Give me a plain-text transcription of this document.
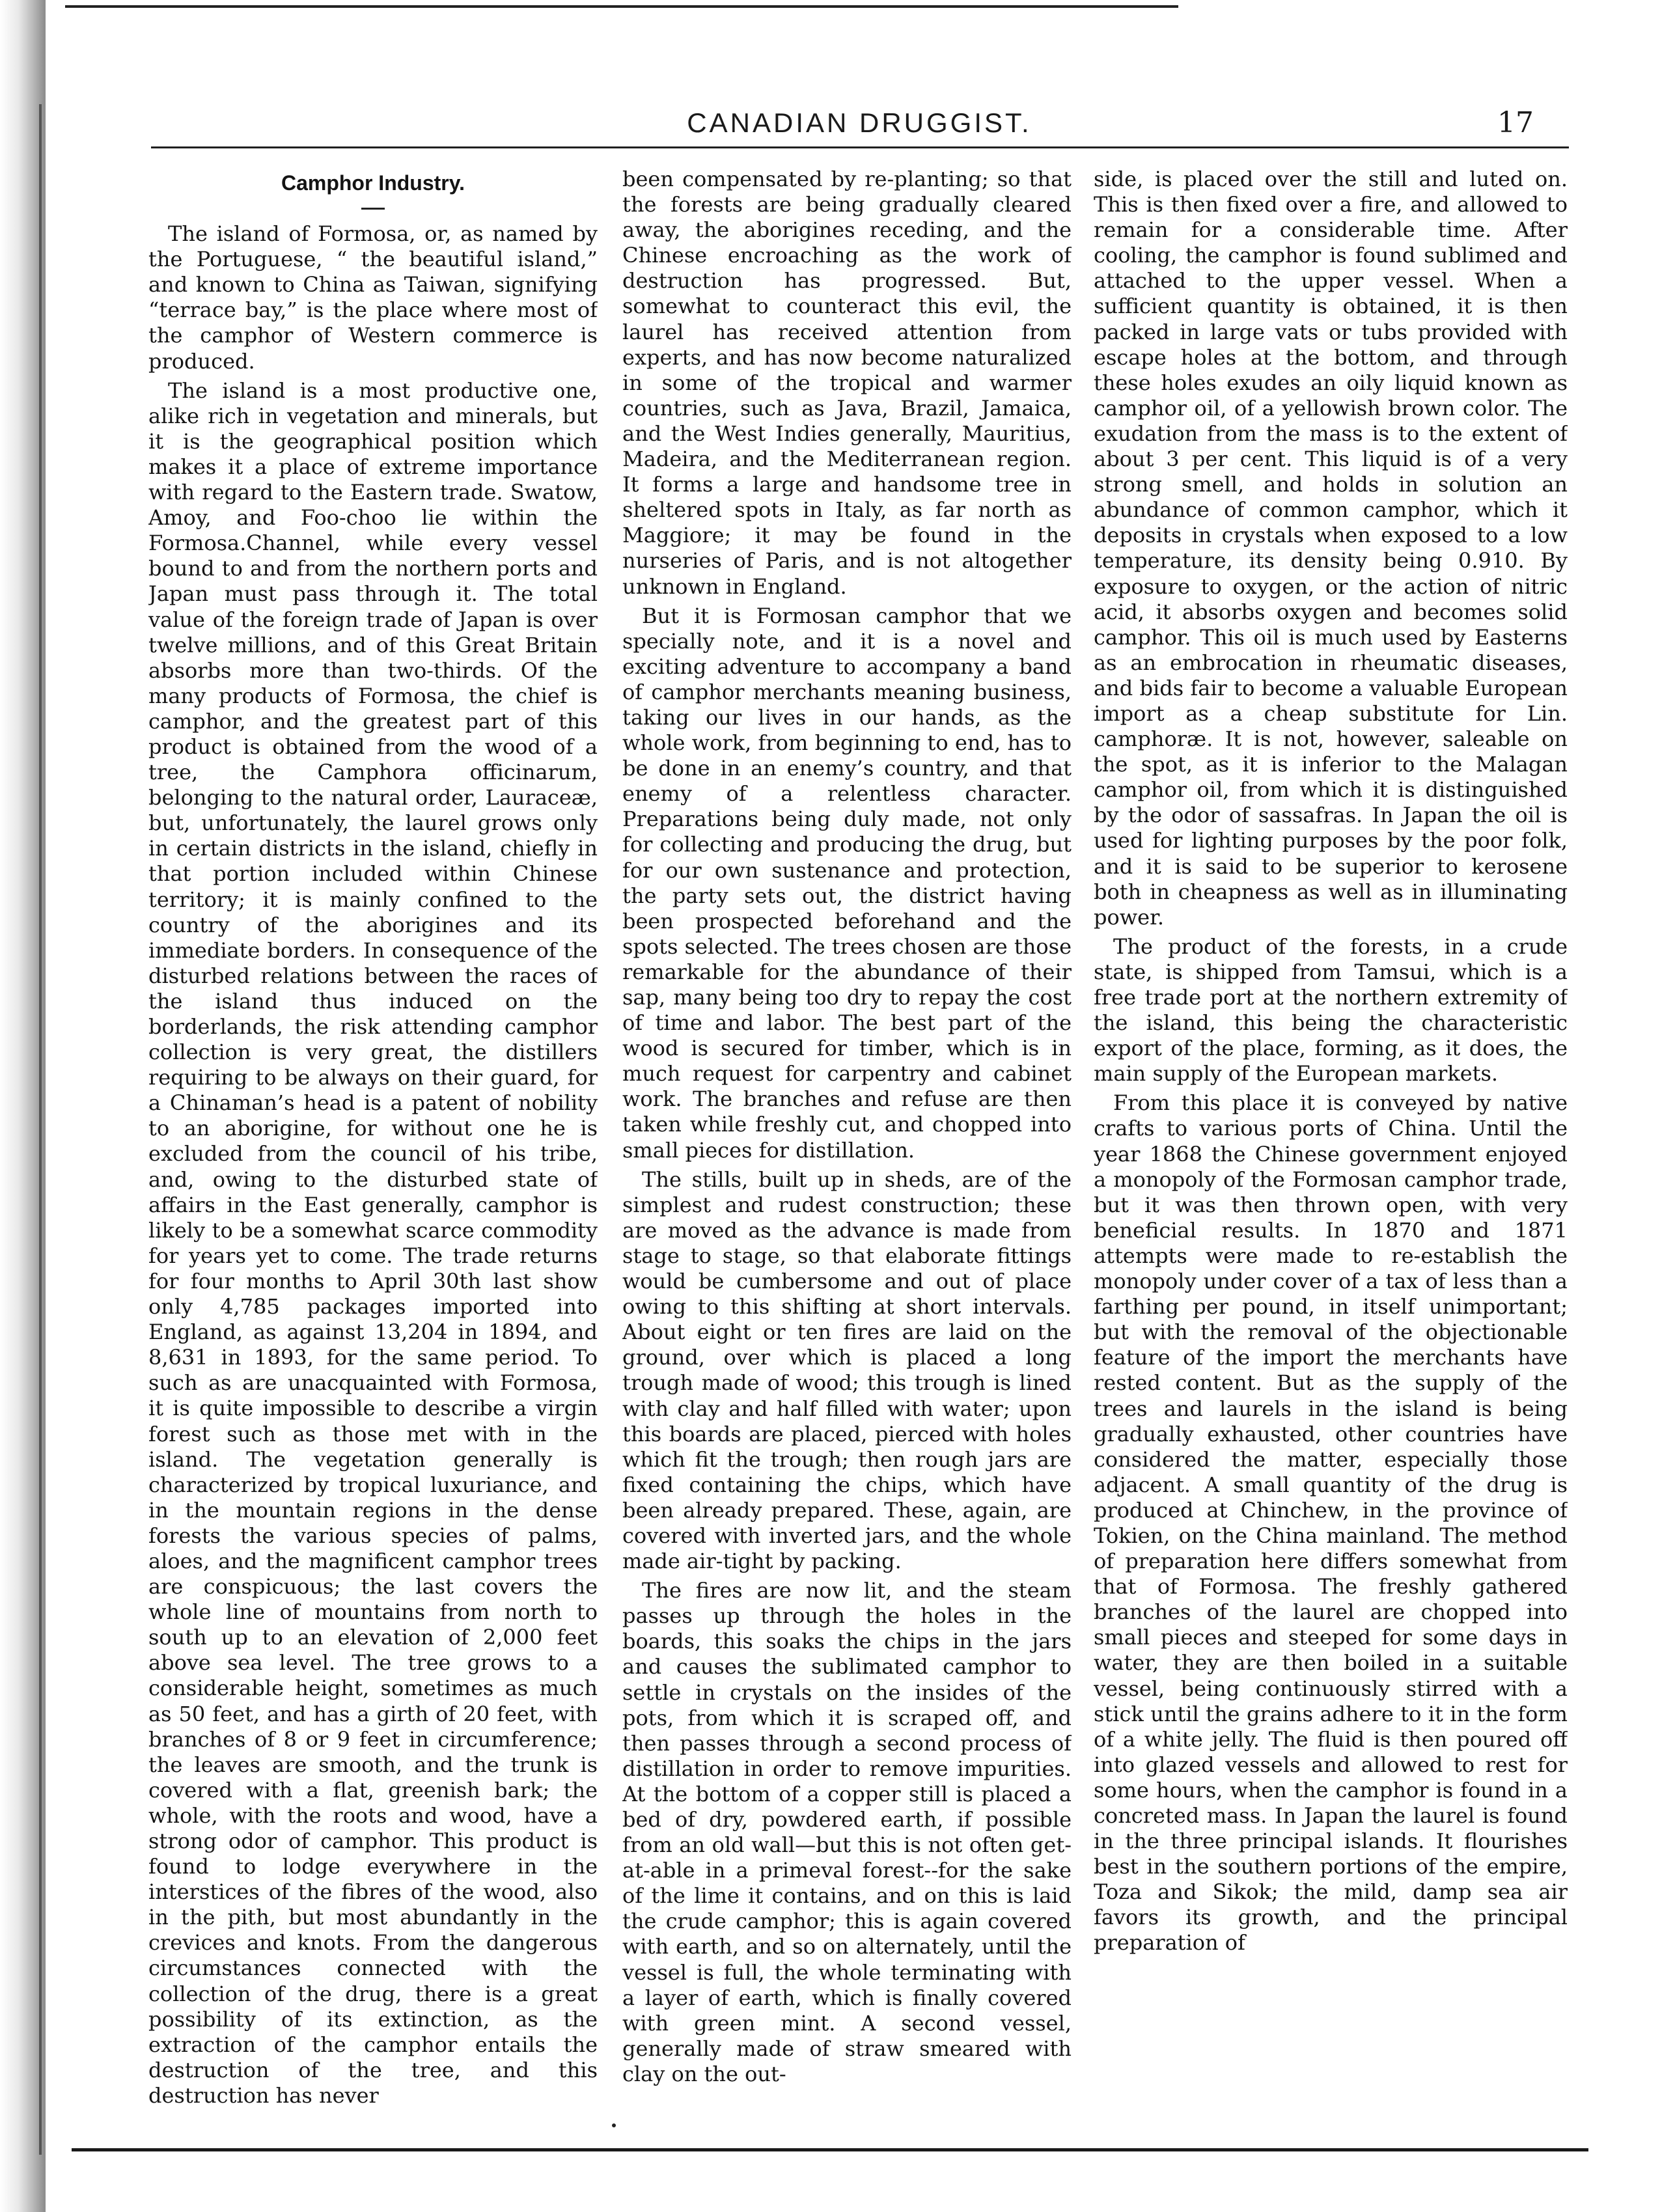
CANADIAN DRUGGIST.	17
Camphor Industry.

The island of Formosa, or, as named by the Portuguese, “ the beautiful island,” and known to China as Taiwan, signifying “terrace bay,” is the place where most of the camphor of Western commerce is produced.

The island is a most productive one, alike rich in vegetation and minerals, but it is the geographical position which makes it a place of extreme importance with regard to the Eastern trade. Swatow, Amoy, and Foo-choo lie within the Formosa.Channel, while every vessel bound to and from the northern ports and Japan must pass through it. The total value of the foreign trade of Japan is over twelve millions, and of this Great Britain absorbs more than two-thirds. Of the many products of Formosa, the chief is camphor, and the greatest part of this product is obtained from the wood of a tree, the Camphora officinarum, belonging to the natural order, Lauraceæ, but, unfortunately, the laurel grows only in certain districts in the island, chiefly in that portion included within Chinese territory; it is mainly confined to the country of the aborigines and its immediate borders. In consequence of the disturbed relations between the races of the island thus induced on the borderlands, the risk attending camphor collection is very great, the distillers requiring to be always on their guard, for a Chinaman’s head is a patent of nobility to an aborigine, for without one he is excluded from the council of his tribe, and, owing to the disturbed state of affairs in the East generally, camphor is likely to be a somewhat scarce commodity for years yet to come. The trade returns for four months to April 30th last show only 4,785 packages imported into England, as against 13,204 in 1894, and 8,631 in 1893, for the same period. To such as are unacquainted with Formosa, it is quite impossible to describe a virgin forest such as those met with in the island. The vegetation generally is characterized by tropical luxuriance, and in the mountain regions in the dense forests the various species of palms, aloes, and the magnificent camphor trees are conspicuous; the last covers the whole line of mountains from north to south up to an elevation of 2,000 feet above sea level. The tree grows to a considerable height, sometimes as much as 50 feet, and has a girth of 20 feet, with branches of 8 or 9 feet in circumference; the leaves are smooth, and the trunk is covered with a flat, greenish bark; the whole, with the roots and wood, have a strong odor of camphor. This product is found to lodge everywhere in the interstices of the fibres of the wood, also in the pith, but most abundantly in the crevices and knots. From the dangerous circumstances connected with the collection of the drug, there is a great possibility of its extinction, as the extraction of the camphor entails the destruction of the tree, and this destruction has never

been compensated by re-planting; so that the forests are being gradually cleared away, the aborigines receding, and the Chinese encroaching as the work of destruction has progressed. But, somewhat to counteract this evil, the laurel has received attention from experts, and has now become naturalized in some of the tropical and warmer countries, such as Java, Brazil, Jamaica, and the West Indies generally, Mauritius, Madeira, and the Mediterranean region. It forms a large and handsome tree in sheltered spots in Italy, as far north as Maggiore; it may be found in the nurseries of Paris, and is not altogether unknown in England.

But it is Formosan camphor that we specially note, and it is a novel and exciting adventure to accompany a band of camphor merchants meaning business, taking our lives in our hands, as the whole work, from beginning to end, has to be done in an enemy’s country, and that enemy of a relentless character. Preparations being duly made, not only for collecting and producing the drug, but for our own sustenance and protection, the party sets out, the district having been prospected beforehand and the spots selected. The trees chosen are those remarkable for the abundance of their sap, many being too dry to repay the cost of time and labor. The best part of the wood is secured for timber, which is in much request for carpentry and cabinet work. The branches and refuse are then taken while freshly cut, and chopped into small pieces for distillation.

The stills, built up in sheds, are of the simplest and rudest construction; these are moved as the advance is made from stage to stage, so that elaborate fittings would be cumbersome and out of place owing to this shifting at short intervals. About eight or ten fires are laid on the ground, over which is placed a long trough made of wood; this trough is lined with clay and half filled with water; upon this boards are placed, pierced with holes which fit the trough; then rough jars are fixed containing the chips, which have been already prepared. These, again, are covered with inverted jars, and the whole made air-tight by packing.

The fires are now lit, and the steam passes up through the holes in the boards, this soaks the chips in the jars and causes the sublimated camphor to settle in crystals on the insides of the pots, from which it is scraped off, and then passes through a second process of distillation in order to remove impurities. At the bottom of a copper still is placed a bed of dry, powdered earth, if possible from an old wall—but this is not often get-at-able in a primeval forest--for the sake of the lime it contains, and on this is laid the crude camphor; this is again covered with earth, and so on alternately, until the vessel is full, the whole terminating with a layer of earth, which is finally covered with green mint. A second vessel, generally made of straw smeared with clay on the out-

side, is placed over the still and luted on. This is then fixed over a fire, and allowed to remain for a considerable time. After cooling, the camphor is found sublimed and attached to the upper vessel. When a sufficient quantity is obtained, it is then packed in large vats or tubs provided with escape holes at the bottom, and through these holes exudes an oily liquid known as camphor oil, of a yellowish brown color. The exudation from the mass is to the extent of about 3 per cent. This liquid is of a very strong smell, and holds in solution an abundance of common camphor, which it deposits in crystals when exposed to a low temperature, its density being 0.910. By exposure to oxygen, or the action of nitric acid, it absorbs oxygen and becomes solid camphor. This oil is much used by Easterns as an embrocation in rheumatic diseases, and bids fair to become a valuable European import as a cheap substitute for Lin. camphoræ. It is not, however, saleable on the spot, as it is inferior to the Malagan camphor oil, from which it is distinguished by the odor of sassafras. In Japan the oil is used for lighting purposes by the poor folk, and it is said to be superior to kerosene both in cheapness as well as in illuminating power.

The product of the forests, in a crude state, is shipped from Tamsui, which is a free trade port at the northern extremity of the island, this being the characteristic export of the place, forming, as it does, the main supply of the European markets.

From this place it is conveyed by native crafts to various ports of China. Until the year 1868 the Chinese government enjoyed a monopoly of the Formosan camphor trade, but it was then thrown open, with very beneficial results. In 1870 and 1871 attempts were made to re-establish the monopoly under cover of a tax of less than a farthing per pound, in itself unimportant; but with the removal of the objectionable feature of the import the merchants have rested content. But as the supply of the trees and laurels in the island is being gradually exhausted, other countries have considered the matter, especially those adjacent. A small quantity of the drug is produced at Chinchew, in the province of Tokien, on the China mainland. The method of preparation here differs somewhat from that of Formosa. The freshly gathered branches of the laurel are chopped into small pieces and steeped for some days in water, they are then boiled in a suitable vessel, being continuously stirred with a stick until the grains adhere to it in the form of a white jelly. The fluid is then poured off into glazed vessels and allowed to rest for some hours, when the camphor is found in a concreted mass. In Japan the laurel is found in the three principal islands. It flourishes best in the southern portions of the empire, Toza and Sikok; the mild, damp sea air favors its growth, and the principal preparation of
